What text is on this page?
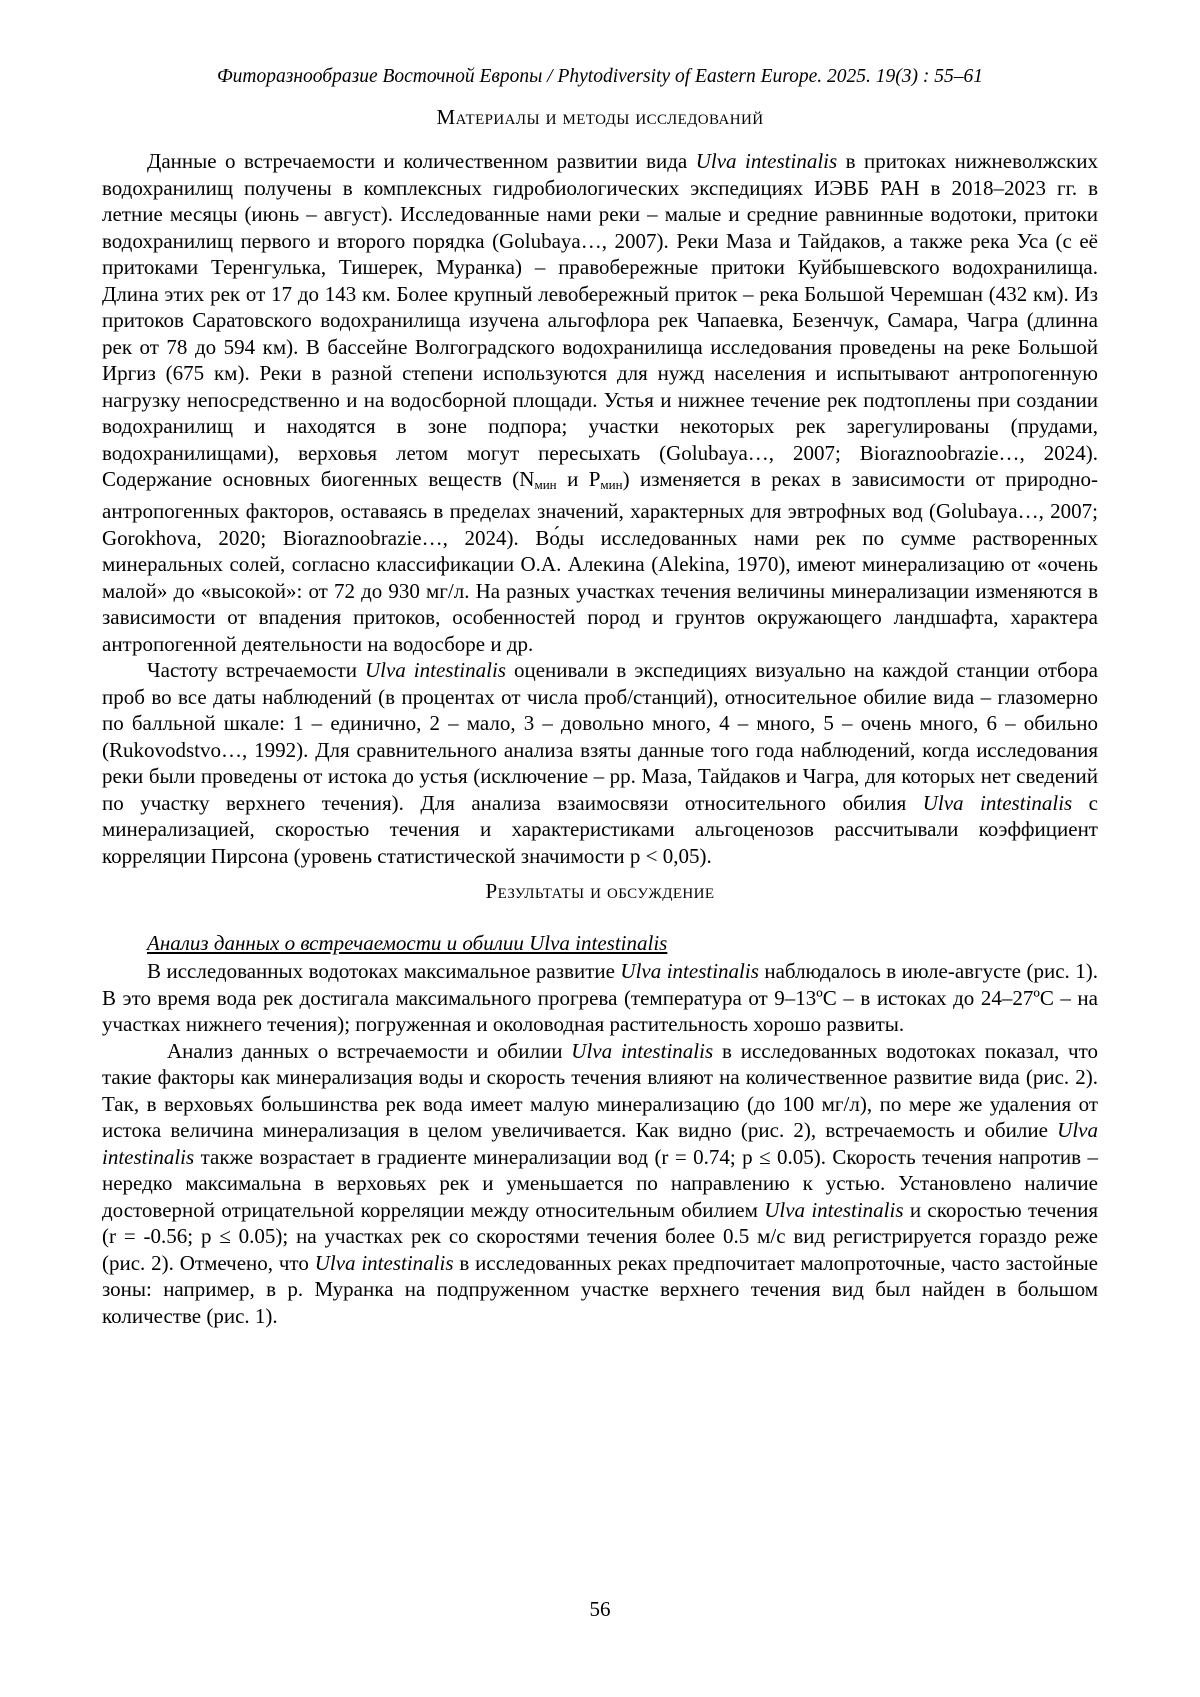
Фиторазнообразие Восточной Европы / Phytodiversity of Eastern Europe. 2025. 19(3) : 55–61
Материалы и методы исследований

Данные о встречаемости и количественном развитии вида Ulva intestinalis в притоках нижневолжских водохранилищ получены в комплексных гидробиологических экспедициях ИЭВБ РАН в 2018–2023 гг. в летние месяцы (июнь – август). Исследованные нами реки – малые и средние равнинные водотоки, притоки водохранилищ первого и второго порядка (Golubaya…, 2007). Реки Маза и Тайдаков, а также река Уса (с её притоками Теренгулька, Тишерек, Муранка) – правобережные притоки Куйбышевского водохранилища. Длина этих рек от 17 до 143 км. Более крупный левобережный приток – река Большой Черемшан (432 км). Из притоков Саратовского водохранилища изучена альгофлора рек Чапаевка, Безенчук, Самара, Чагра (длинна рек от 78 до 594 км). В бассейне Волгоградского водохранилища исследования проведены на реке Большой Иргиз (675 км). Реки в разной степени используются для нужд населения и испытывают антропогенную нагрузку непосредственно и на водосборной площади. Устья и нижнее течение рек подтоплены при создании водохранилищ и находятся в зоне подпора; участки некоторых рек зарегулированы (прудами, водохранилищами), верховья летом могут пересыхать (Golubaya…, 2007; Bioraznoobrazie…, 2024). Содержание основных биогенных веществ (Nмин и Pмин) изменяется в реках в зависимости от природно-антропогенных факторов, оставаясь в пределах значений, характерных для эвтрофных вод (Golubaya…, 2007; Gorokhova, 2020; Bioraznoobrazie…, 2024). Во́ды исследованных нами рек по сумме растворенных минеральных солей, согласно классификации О.А. Алекина (Alekina, 1970), имеют минерализацию от «очень малой» до «высокой»: от 72 до 930 мг/л. На разных участках течения величины минерализации изменяются в зависимости от впадения притоков, особенностей пород и грунтов окружающего ландшафта, характера антропогенной деятельности на водосборе и др.

Частоту встречаемости Ulva intestinalis оценивали в экспедициях визуально на каждой станции отбора проб во все даты наблюдений (в процентах от числа проб/станций), относительное обилие вида – глазомерно по балльной шкале: 1 – единично, 2 – мало, 3 – довольно много, 4 – много, 5 – очень много, 6 – обильно (Rukovodstvo…, 1992). Для сравнительного анализа взяты данные того года наблюдений, когда исследования реки были проведены от истока до устья (исключение – рр. Маза, Тайдаков и Чагра, для которых нет сведений по участку верхнего течения). Для анализа взаимосвязи относительного обилия Ulva intestinalis с минерализацией, скоростью течения и характеристиками альгоценозов рассчитывали коэффициент корреляции Пирсона (уровень статистической значимости р < 0,05).

Результаты и обсуждение

Анализ данных о встречаемости и обилии Ulva intestinalis

В исследованных водотоках максимальное развитие Ulva intestinalis наблюдалось в июле-августе (рис. 1). В это время вода рек достигала максимального прогрева (температура от 9–13ºС – в истоках до 24–27ºС – на участках нижнего течения); погруженная и околоводная растительность хорошо развиты.

Анализ данных о встречаемости и обилии Ulva intestinalis в исследованных водотоках показал, что такие факторы как минерализация воды и скорость течения влияют на количественное развитие вида (рис. 2). Так, в верховьях большинства рек вода имеет малую минерализацию (до 100 мг/л), по мере же удаления от истока величина минерализация в целом увеличивается. Как видно (рис. 2), встречаемость и обилие Ulva intestinalis также возрастает в градиенте минерализации вод (r = 0.74; p ≤ 0.05). Скорость течения напротив – нередко максимальна в верховьях рек и уменьшается по направлению к устью. Установлено наличие достоверной отрицательной корреляции между относительным обилием Ulva intestinalis и скоростью течения (r = -0.56; p ≤ 0.05); на участках рек со скоростями течения более 0.5 м/с вид регистрируется гораздо реже (рис. 2). Отмечено, что Ulva intestinalis в исследованных реках предпочитает малопроточные, часто застойные зоны: например, в р. Муранка на подпруженном участке верхнего течения вид был найден в большом количестве (рис. 1).

56
